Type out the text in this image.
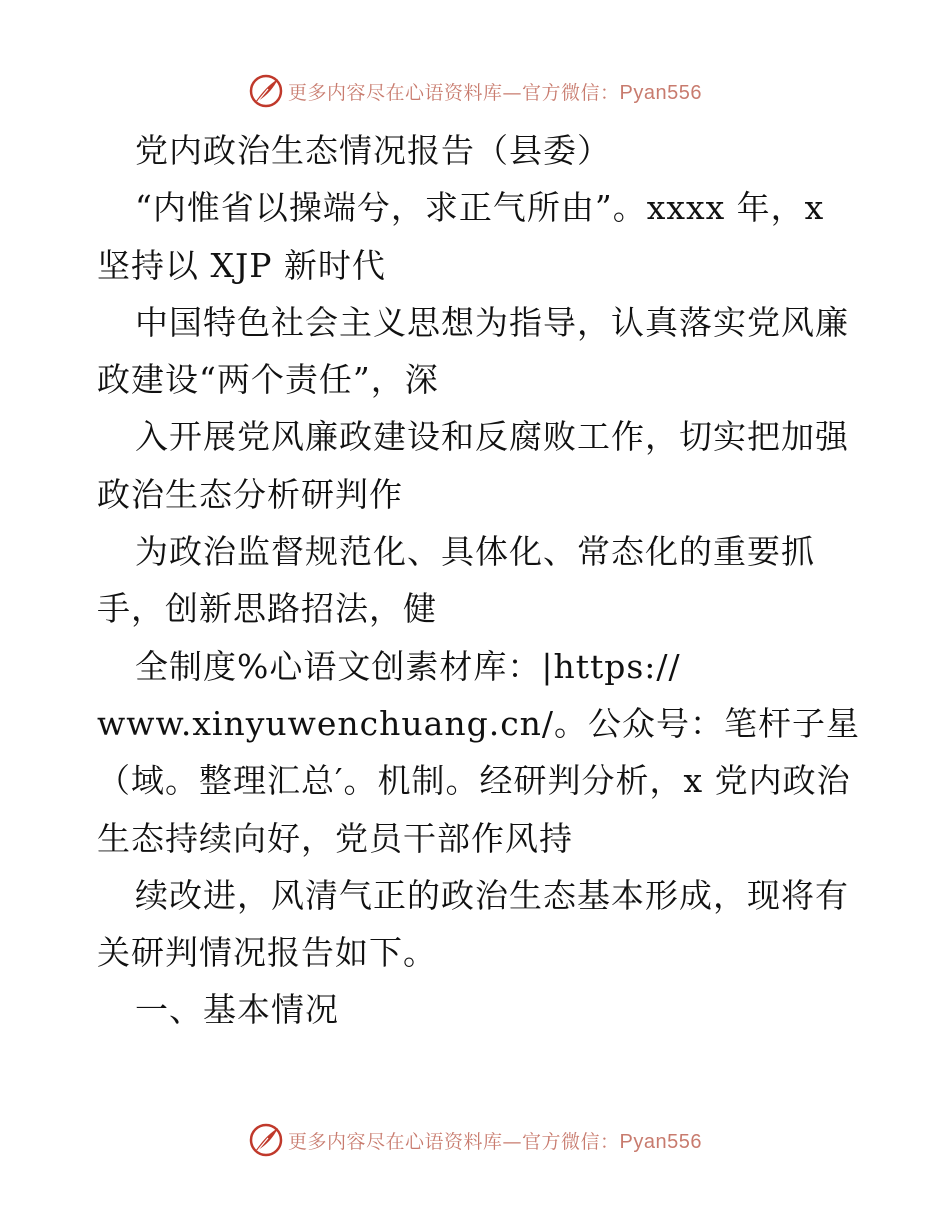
更多内容尽在心语资料库—官方微信：Pyan556
党内政治生态情况报告（县委）
“内惟省以操端兮，求正气所由”。xxxx 年，x
坚持以 XJP 新时代
中国特色社会主义思想为指导，认真落实党风廉
政建设“两个责任”，深
入开展党风廉政建设和反腐败工作，切实把加强
政治生态分析研判作
为政治监督规范化、具体化、常态化的重要抓
手，创新思路招法，健
全制度%心语文创素材库：|https://
www.xinyuwenchuang.cn/。公众号：笔杆子星
（域。整理汇总′。机制。经研判分析，x 党内政治
生态持续向好，党员干部作风持
续改进，风清气正的政治生态基本形成，现将有
关研判情况报告如下。
一、基本情况
更多内容尽在心语资料库—官方微信：Pyan556
